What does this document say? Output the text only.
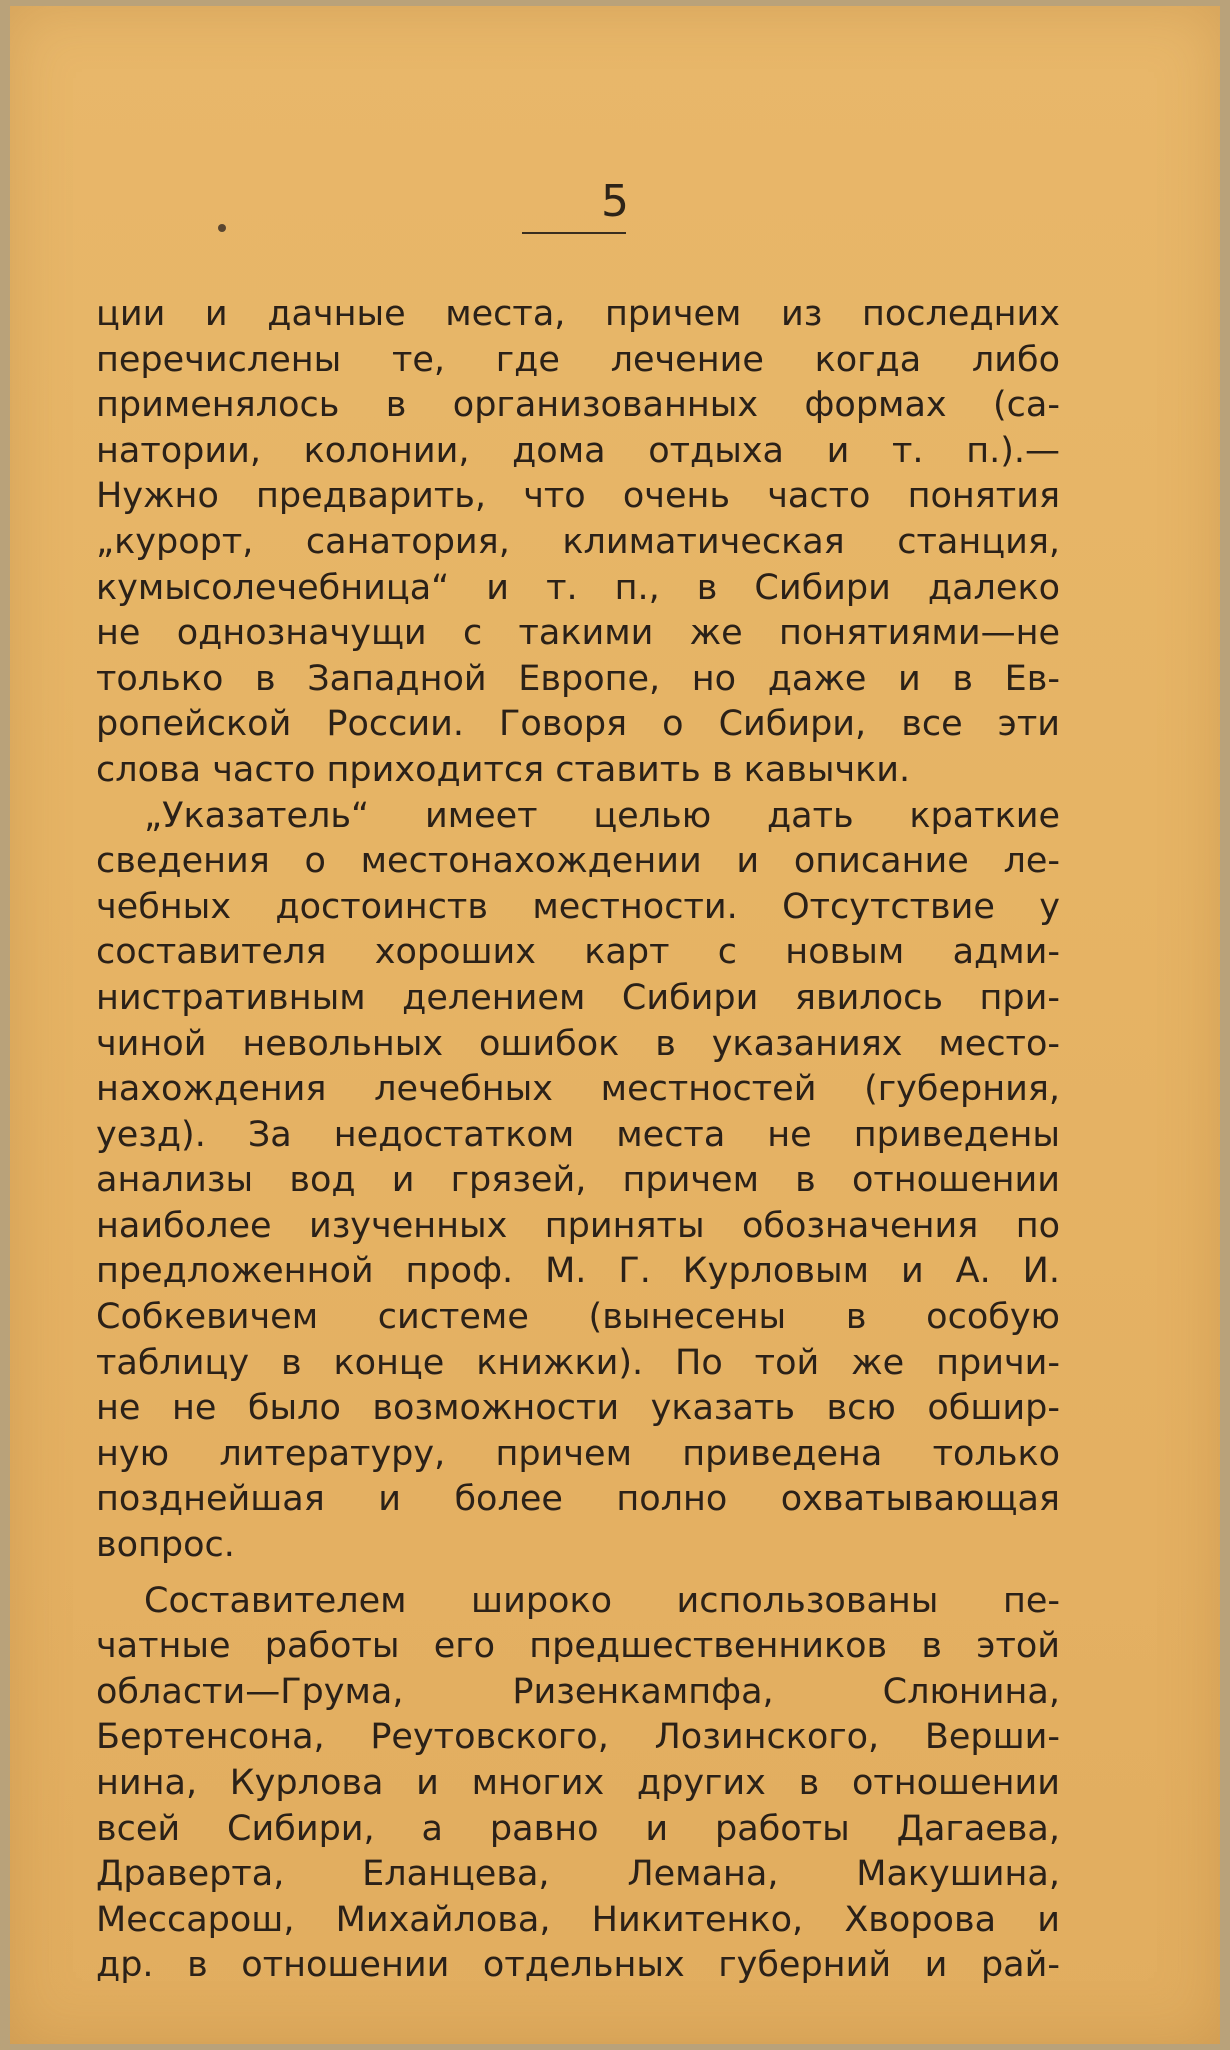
5
ции и дачные места, причем из последних
перечислены те, где лечение когда либо
применялось в организованных формах (са-
натории, колонии, дома отдыха и т. п.).—
Нужно предварить, что очень часто понятия
„курорт, санатория, климатическая станция,
кумысолечебница“ и т. п., в Сибири далеко
не однозначущи с такими же понятиями—не
только в Западной Европе, но даже и в Ев-
ропейской России. Говоря о Сибири, все эти
слова часто приходится ставить в кавычки.
„Указатель“ имеет целью дать краткие
сведения о местонахождении и описание ле-
чебных достоинств местности. Отсутствие у
составителя хороших карт с новым адми-
нистративным делением Сибири явилось при-
чиной невольных ошибок в указаниях место-
нахождения лечебных местностей (губерния,
уезд). За недостатком места не приведены
анализы вод и грязей, причем в отношении
наиболее изученных приняты обозначения по
предложенной проф. М. Г. Курловым и А. И.
Собкевичем системе (вынесены в особую
таблицу в конце книжки). По той же причи-
не не было возможности указать всю обшир-
ную литературу, причем приведена только
позднейшая и более полно охватывающая
вопрос.
Составителем широко использованы пе-
чатные работы его предшественников в этой
области—Грума, Ризенкампфа, Слюнина,
Бертенсона, Реутовского, Лозинского, Верши-
нина, Курлова и многих других в отношении
всей Сибири, а равно и работы Дагаева,
Драверта, Еланцева, Лемана, Макушина,
Мессарош, Михайлова, Никитенко, Хворова и
др. в отношении отдельных губерний и рай-
